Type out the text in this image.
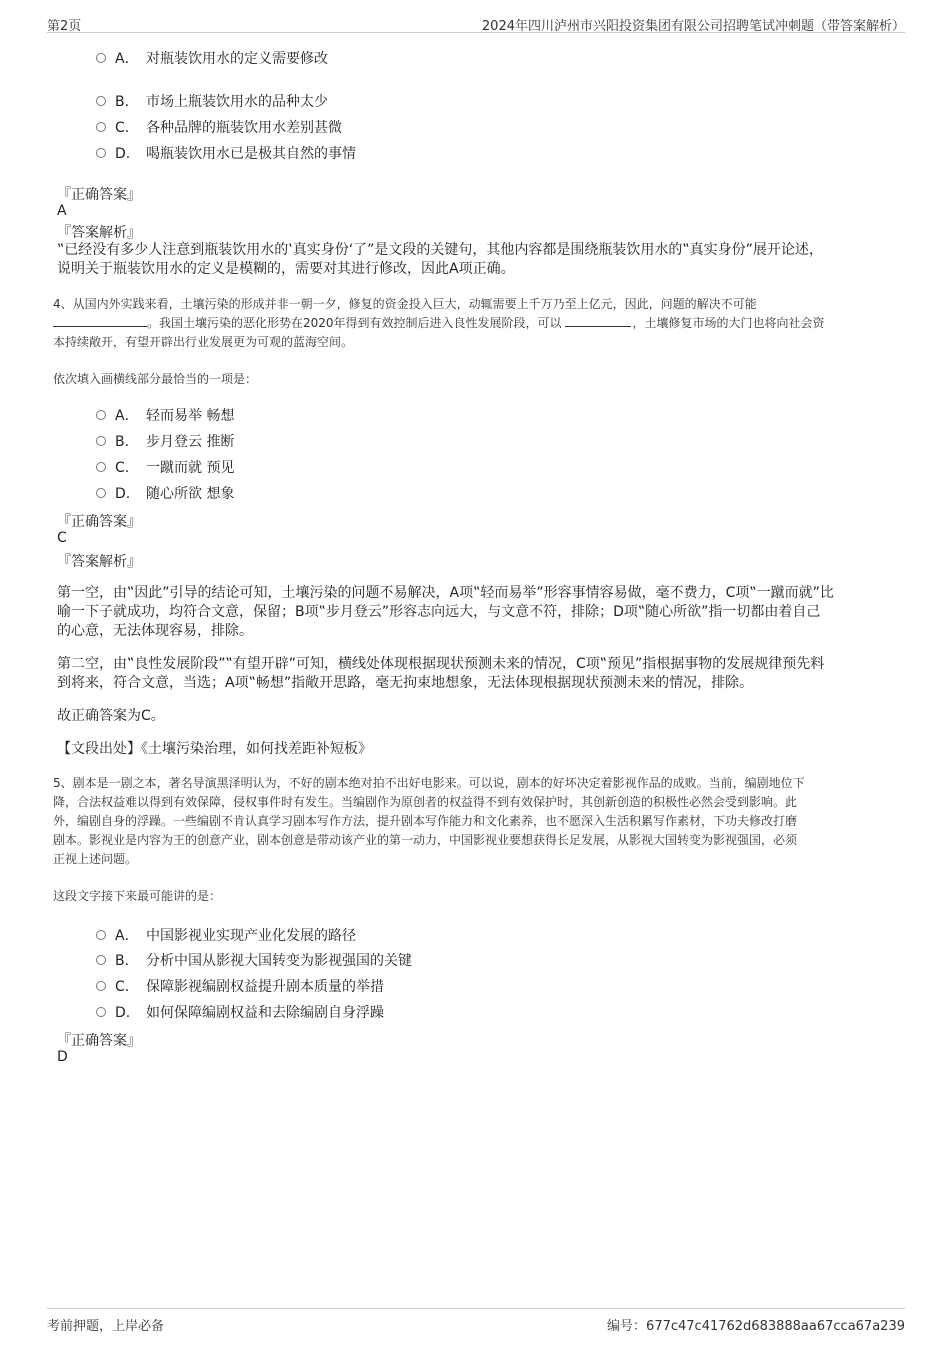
第2页	2024年四川泸州市兴阳投资集团有限公司招聘笔试冲刺题（带答案解析）
A． 对瓶装饮用水的定义需要修改
B. 市场上瓶装饮用水的品种太少
C. 各种品牌的瓶装饮用水差别甚微
D. 喝瓶装饮用水已是极其自然的事情
『正确答案』
A
『答案解析』
‟已经没有多少人注意到瓶装饮用水的‛真实身份‘了”是文段的关键句，其他内容都是围绕瓶装饮用水的‟真实身份”展开论述，
说明关于瓶装饮用水的定义是模糊的，需要对其进行修改，因此A项正确。
4、从国内外实践来看，土壤污染的形成并非一朝一夕，修复的资金投入巨大，动辄需要上千万乃至上亿元，因此，问题的解决不可能
。我国土壤污染的恶化形势在2020年得到有效控制后进入良性发展阶段，可以	，土壤修复市场的大门也将向社会资
本持续敞开，有望开辟出行业发展更为可观的蓝海空间。
依次填入画横线部分最恰当的一项是：
A． 轻而易举 畅想
B. 步月登云 推断
C. 一蹴而就 预见
D. 随心所欲 想象
『正确答案』
C
『答案解析』
第一空，由‟因此”引导的结论可知，土壤污染的问题不易解决，A项‟轻而易举”形容事情容易做，毫不费力，C项‟一蹴而就”比
喻一下子就成功，均符合文意，保留；B项‟步月登云”形容志向远大，与文意不符，排除；D项‟随心所欲”指一切都由着自己
的心意，无法体现容易，排除。
第二空，由‟良性发展阶段”‟有望开辟”可知，横线处体现根据现状预测未来的情况，C项‟预见”指根据事物的发展规律预先料
到将来，符合文意，当选；A项‟畅想”指敞开思路，毫无拘束地想象，无法体现根据现状预测未来的情况，排除。
故正确答案为C。
【文段出处】《土壤污染治理，如何找差距补短板》
5、剧本是一剧之本，著名导演黑泽明认为，不好的剧本绝对拍不出好电影来。可以说，剧本的好坏决定着影视作品的成败。当前，编剧地位下
降，合法权益难以得到有效保障，侵权事件时有发生。当编剧作为原创者的权益得不到有效保护时，其创新创造的积极性必然会受到影响。此
外，编剧自身的浮躁。一些编剧不肯认真学习剧本写作方法，提升剧本写作能力和文化素养，也不愿深入生活积累写作素材，下功夫修改打磨
剧本。影视业是内容为王的创意产业，剧本创意是带动该产业的第一动力，中国影视业要想获得长足发展，从影视大国转变为影视强国，必须
正视上述问题。
这段文字接下来最可能讲的是：
A． 中国影视业实现产业化发展的路径
B. 分析中国从影视大国转变为影视强国的关键
C. 保障影视编剧权益提升剧本质量的举措
D. 如何保障编剧权益和去除编剧自身浮躁
『正确答案』
D
考前押题，上岸必备	编号：677c47c41762d683888aa67cca67a239
